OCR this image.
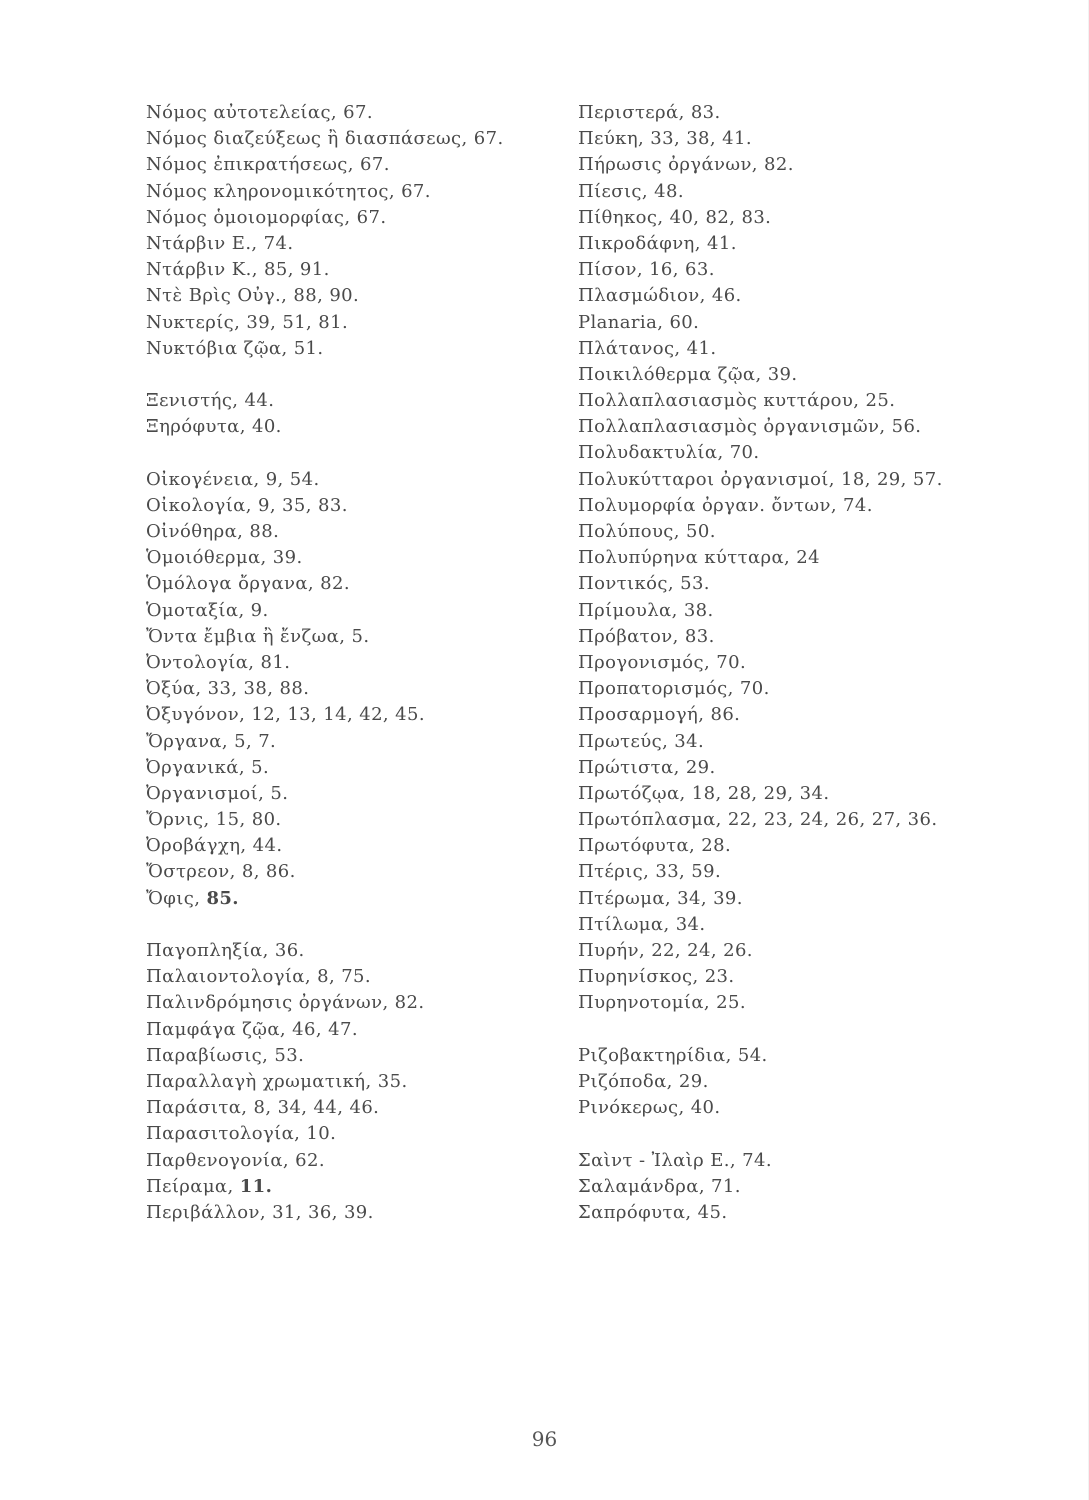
Νόμος αὐτοτελείας, 67.
Νόμος διαζεύξεως ἢ διασπάσεως, 67.
Νόμος ἐπικρατήσεως, 67.
Νόμος κληρονομικότητος, 67.
Νόμος ὁμοιομορφίας, 67.
Ντάρβιν Ε., 74.
Ντάρβιν Κ., 85, 91.
Ντὲ Βρὶς Οὐγ., 88, 90.
Νυκτερίς, 39, 51, 81.
Νυκτόβια ζῷα, 51.
Ξενιστής, 44.
Ξηρόφυτα, 40.
Οἰκογένεια, 9, 54.
Οἰκολογία, 9, 35, 83.
Οἰνόθηρα, 88.
Ὁμοιόθερμα, 39.
Ὁμόλογα ὄργανα, 82.
Ὁμοταξία, 9.
Ὄντα ἔμβια ἢ ἔνζωα, 5.
Ὀντολογία, 81.
Ὀξύα, 33, 38, 88.
Ὀξυγόνον, 12, 13, 14, 42, 45.
Ὄργανα, 5, 7.
Ὀργανικά, 5.
Ὀργανισμοί, 5.
Ὄρνις, 15, 80.
Ὀροβάγχη, 44.
Ὄστρεον, 8, 86.
Ὄφις, 85.
Παγοπληξία, 36.
Παλαιοντολογία, 8, 75.
Παλινδρόμησις ὀργάνων, 82.
Παμφάγα ζῷα, 46, 47.
Παραβίωσις, 53.
Παραλλαγὴ χρωματική, 35.
Παράσιτα, 8, 34, 44, 46.
Παρασιτολογία, 10.
Παρθενογονία, 62.
Πείραμα, 11.
Περιβάλλον, 31, 36, 39.
Περιστερά, 83.
Πεύκη, 33, 38, 41.
Πήρωσις ὀργάνων, 82.
Πίεσις, 48.
Πίθηκος, 40, 82, 83.
Πικροδάφνη, 41.
Πίσον, 16, 63.
Πλασμώδιον, 46.
Planaria, 60.
Πλάτανος, 41.
Ποικιλόθερμα ζῷα, 39.
Πολλαπλασιασμὸς κυττάρου, 25.
Πολλαπλασιασμὸς ὀργανισμῶν, 56.
Πολυδακτυλία, 70.
Πολυκύτταροι ὀργανισμοί, 18, 29, 57.
Πολυμορφία ὀργαν. ὄντων, 74.
Πολύπους, 50.
Πολυπύρηνα κύτταρα, 24
Ποντικός, 53.
Πρίμουλα, 38.
Πρόβατον, 83.
Προγονισμός, 70.
Προπατορισμός, 70.
Προσαρμογή, 86.
Πρωτεύς, 34.
Πρώτιστα, 29.
Πρωτόζῳα, 18, 28, 29, 34.
Πρωτόπλασμα, 22, 23, 24, 26, 27, 36.
Πρωτόφυτα, 28.
Πτέρις, 33, 59.
Πτέρωμα, 34, 39.
Πτίλωμα, 34.
Πυρήν, 22, 24, 26.
Πυρηνίσκος, 23.
Πυρηνοτομία, 25.
Ριζοβακτηρίδια, 54.
Ριζόποδα, 29.
Ρινόκερως, 40.
Σαὶντ - Ἰλαὶρ Ε., 74.
Σαλαμάνδρα, 71.
Σαπρόφυτα, 45.
96
